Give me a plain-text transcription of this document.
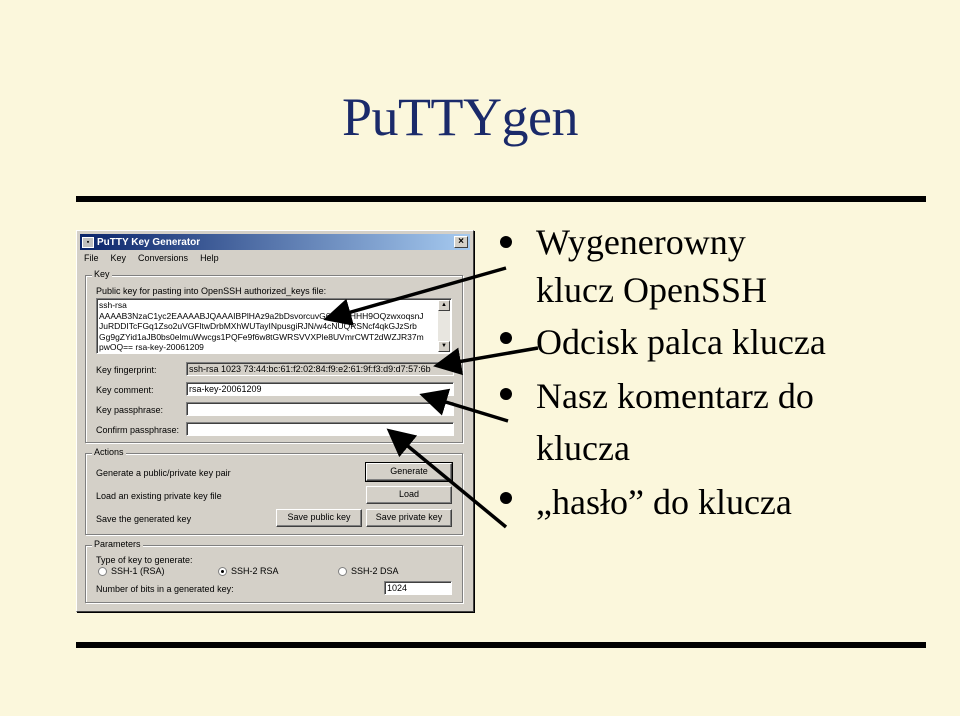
PuTTYgen
▪ PuTTY Key Generator	×
File Key Conversions Help
Key
Public key for pasting into OpenSSH authorized_keys file:
ssh-rsa
AAAAB3NzaC1yc2EAAAABJQAAAIBPlHAz9a2bDsvorcuvG6lQaxjHHH9OQzwxoqsnJ
JuRDDITcFGq1Zso2uVGFltwDrbMXhWUTayINpusgiRJN/w4cNUQRSNcf4qkGJzSrb
Gg9gZYid1aJB0bs0elmuWwcgs1PQFe9f6w8tGWRSVVXPle8UVmrCWT2dWZJR37m
pwOQ== rsa-key-20061209
▲
▼
Key fingerprint:	ssh-rsa 1023 73:44:bc:61:f2:02:84:f9:e2:61:9f:f3:d9:d7:57:6b
Key comment:	rsa-key-20061209
Key passphrase:
Confirm passphrase:
Actions
Generate a public/private key pair	Generate
Load an existing private key file	Load
Save the generated key	Save public key	Save private key
Parameters
Type of key to generate:
SSH-1 (RSA)	SSH-2 RSA	SSH-2 DSA
Number of bits in a generated key:	1024
Wygenerowny klucz OpenSSH
Odcisk palca klucza
Nasz komentarz do klucza
„hasło” do klucza
